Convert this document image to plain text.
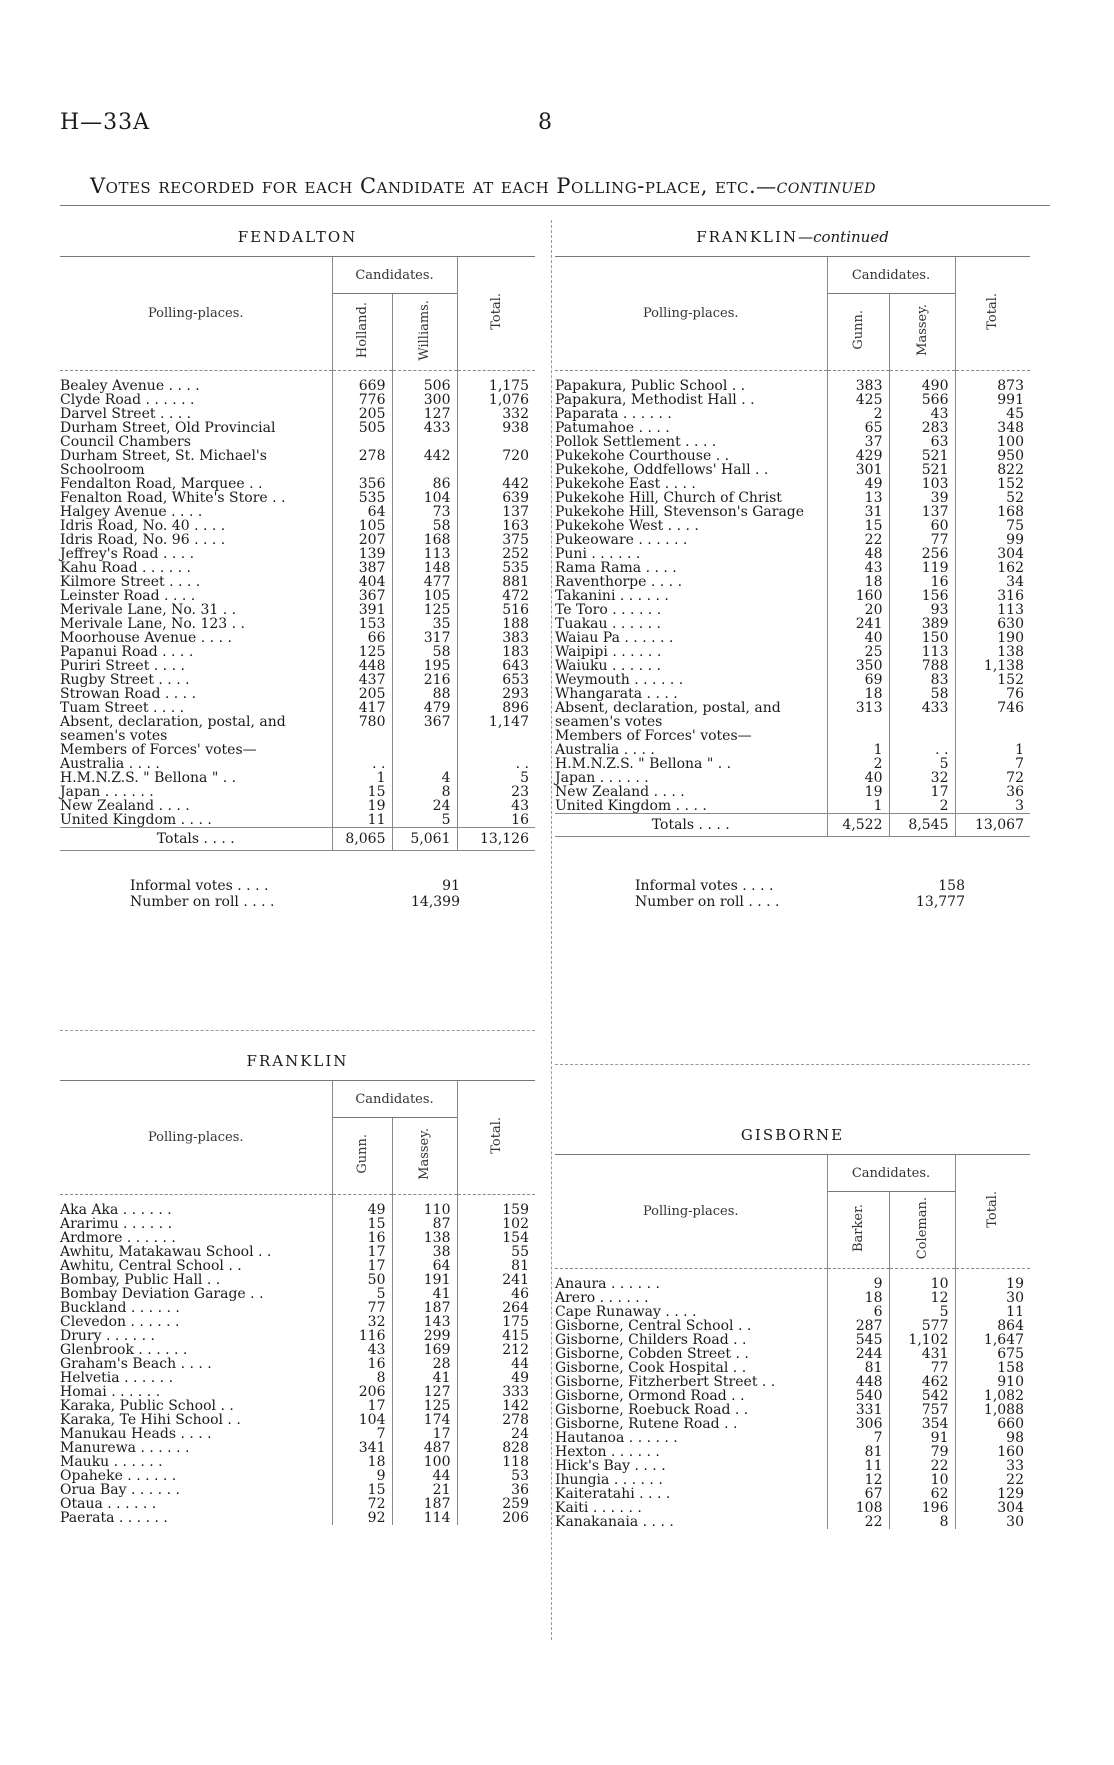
H—33A	8
Votes recorded for each Candidate at each Polling-place, etc.—continued
FENDALTON
Polling-places.	Candidates.		Total.
	Holland.	Williams.	
Bealey Avenue . . . .	669	506	1,175
Clyde Road . . . . . .	776	300	1,076
Darvel Street . . . .	205	127	332
Durham Street, Old Provincial Council Chambers	505	433	938
Durham Street, St. Michael's Schoolroom	278	442	720
Fendalton Road, Marquee . .	356	86	442
Fenalton Road, White's Store . .	535	104	639
Halgey Avenue . . . .	64	73	137
Idris Road, No. 40 . . . .	105	58	163
Idris Road, No. 96 . . . .	207	168	375
Jeffrey's Road . . . .	139	113	252
Kahu Road . . . . . .	387	148	535
Kilmore Street . . . .	404	477	881
Leinster Road . . . .	367	105	472
Merivale Lane, No. 31 . .	391	125	516
Merivale Lane, No. 123 . .	153	35	188
Moorhouse Avenue . . . .	66	317	383
Papanui Road . . . .	125	58	183
Puriri Street . . . .	448	195	643
Rugby Street . . . .	437	216	653
Strowan Road . . . .	205	88	293
Tuam Street . . . .	417	479	896
Absent, declaration, postal, and seamen's votes	780	367	1,147
Members of Forces' votes—			
Australia . . . .	. .		. .
H.M.N.Z.S. " Bellona " . .	1	4	5
Japan . . . . . .	15	8	23
New Zealand . . . .	19	24	43
United Kingdom . . . .	11	5	16
Totals . . . .	8,065	5,061	13,126
Informal votes . . . .	91
Number on roll . . . .	14,399
FRANKLIN—continued
Polling-places.	Candidates.		Total.
	Gunn.	Massey.	
Papakura, Public School . .	383	490	873
Papakura, Methodist Hall . .	425	566	991
Paparata . . . . . .	2	43	45
Patumahoe . . . .	65	283	348
Pollok Settlement . . . .	37	63	100
Pukekohe Courthouse . .	429	521	950
Pukekohe, Oddfellows' Hall . .	301	521	822
Pukekohe East . . . .	49	103	152
Pukekohe Hill, Church of Christ	13	39	52
Pukekohe Hill, Stevenson's Garage	31	137	168
Pukekohe West . . . .	15	60	75
Pukeoware . . . . . .	22	77	99
Puni . . . . . .	48	256	304
Rama Rama . . . .	43	119	162
Raventhorpe . . . .	18	16	34
Takanini . . . . . .	160	156	316
Te Toro . . . . . .	20	93	113
Tuakau . . . . . .	241	389	630
Waiau Pa . . . . . .	40	150	190
Waipipi . . . . . .	25	113	138
Waiuku . . . . . .	350	788	1,138
Weymouth . . . . . .	69	83	152
Whangarata . . . .	18	58	76
Absent, declaration, postal, and seamen's votes	313	433	746
Members of Forces' votes—			
Australia . . . .	1	. .	1
H.M.N.Z.S. " Bellona " . .	2	5	7
Japan . . . . . .	40	32	72
New Zealand . . . .	19	17	36
United Kingdom . . . .	1	2	3
Totals . . . .	4,522	8,545	13,067
Informal votes . . . .	158
Number on roll . . . .	13,777
FRANKLIN
Polling-places.	Candidates.		Total.
	Gunn.	Massey.	
Aka Aka . . . . . .	49	110	159
Ararimu . . . . . .	15	87	102
Ardmore . . . . . .	16	138	154
Awhitu, Matakawau School . .	17	38	55
Awhitu, Central School . .	17	64	81
Bombay, Public Hall . .	50	191	241
Bombay Deviation Garage . .	5	41	46
Buckland . . . . . .	77	187	264
Clevedon . . . . . .	32	143	175
Drury . . . . . .	116	299	415
Glenbrook . . . . . .	43	169	212
Graham's Beach . . . .	16	28	44
Helvetia . . . . . .	8	41	49
Homai . . . . . .	206	127	333
Karaka, Public School . .	17	125	142
Karaka, Te Hihi School . .	104	174	278
Manukau Heads . . . .	7	17	24
Manurewa . . . . . .	341	487	828
Mauku . . . . . .	18	100	118
Opaheke . . . . . .	9	44	53
Orua Bay . . . . . .	15	21	36
Otaua . . . . . .	72	187	259
Paerata . . . . . .	92	114	206
GISBORNE
Polling-places.	Candidates.		Total.
	Barker.	Coleman.	
Anaura . . . . . .	9	10	19
Arero . . . . . .	18	12	30
Cape Runaway . . . .	6	5	11
Gisborne, Central School . .	287	577	864
Gisborne, Childers Road . .	545	1,102	1,647
Gisborne, Cobden Street . .	244	431	675
Gisborne, Cook Hospital . .	81	77	158
Gisborne, Fitzherbert Street . .	448	462	910
Gisborne, Ormond Road . .	540	542	1,082
Gisborne, Roebuck Road . .	331	757	1,088
Gisborne, Rutene Road . .	306	354	660
Hautanoa . . . . . .	7	91	98
Hexton . . . . . .	81	79	160
Hick's Bay . . . .	11	22	33
Ihungia . . . . . .	12	10	22
Kaiteratahi . . . .	67	62	129
Kaiti . . . . . .	108	196	304
Kanakanaia . . . .	22	8	30
